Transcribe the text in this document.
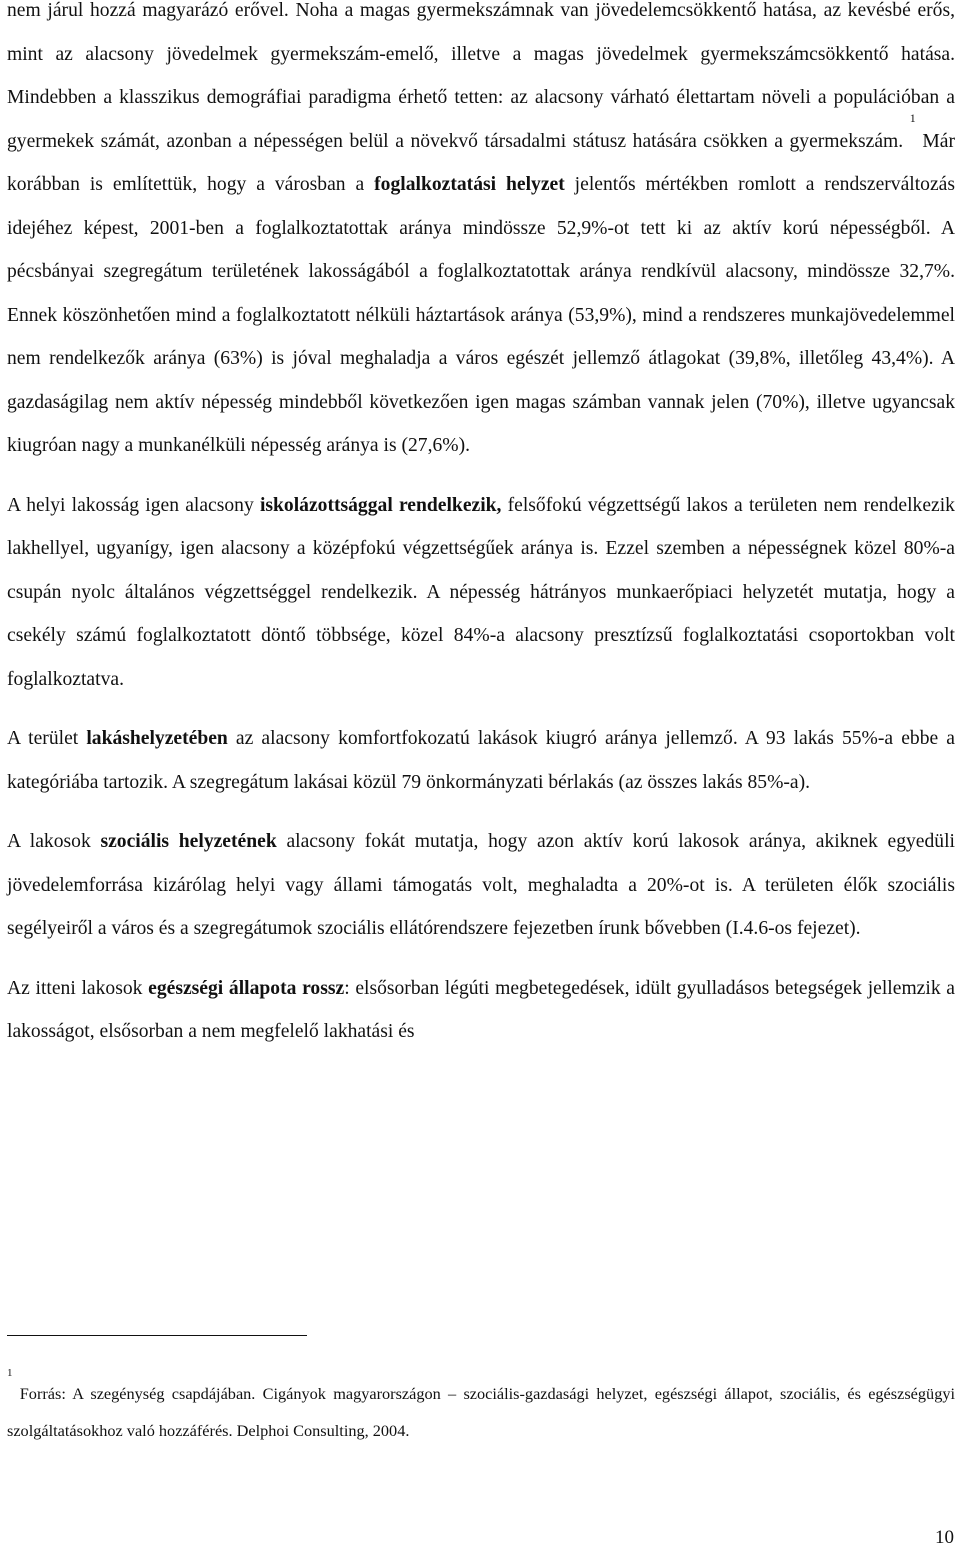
nem járul hozzá magyarázó erővel. Noha a magas gyermekszámnak van jövedelemcsökkentő hatása, az kevésbé erős, mint az alacsony jövedelmek gyermekszám-emelő, illetve a magas jövedelmek gyermekszámcsökkentő hatása. Mindebben a klasszikus demográfiai paradigma érhető tetten: az alacsony várható élettartam növeli a populációban a gyermekek számát, azonban a népességen belül a növekvő társadalmi státusz hatására csökken a gyermekszám. $^1$ Már korábban is említettük, hogy a városban a foglalkoztatási helyzet jelentős mértékben romlott a rendszerváltozás idejéhez képest, 2001-ben a foglalkoztatottak aránya mindössze 52,9%-ot tett ki az aktív korú népességből. A pécsbányai szegregátum területének lakosságából a foglalkoztatottak aránya rendkívül alacsony, mindössze 32,7%. Ennek köszönhetően mind a foglalkoztatott nélküli háztartások aránya (53,9%), mind a rendszeres munkajövedelemmel nem rendelkezők aránya (63%) is jóval meghaladja a város egészét jellemző átlagokat (39,8%, illetőleg 43,4%). A gazdaságilag nem aktív népesség mindebből következően igen magas számban vannak jelen (70%), illetve ugyancsak kiugróan nagy a munkanélküli népesség aránya is (27,6%).

A helyi lakosság igen alacsony iskolázottsággal rendelkezik, felsőfokú végzettségű lakos a területen nem rendelkezik lakhellyel, ugyanígy, igen alacsony a középfokú végzettségűek aránya is. Ezzel szemben a népességnek közel 80%-a csupán nyolc általános végzettséggel rendelkezik. A népesség hátrányos munkaerőpiaci helyzetét mutatja, hogy a csekély számú foglalkoztatott döntő többsége, közel 84%-a alacsony presztízsű foglalkoztatási csoportokban volt foglalkoztatva.

A terület lakáshelyzetében az alacsony komfortfokozatú lakások kiugró aránya jellemző. A 93 lakás 55%-a ebbe a kategóriába tartozik. A szegregátum lakásai közül 79 önkormányzati bérlakás (az összes lakás 85%-a).

A lakosok szociális helyzetének alacsony fokát mutatja, hogy azon aktív korú lakosok aránya, akiknek egyedüli jövedelemforrása kizárólag helyi vagy állami támogatás volt, meghaladta a 20%-ot is. A területen élők szociális segélyeiről a város és a szegregátumok szociális ellátórendszere fejezetben írunk bővebben (I.4.6-os fejezet).

Az itteni lakosok egészségi állapota rossz: elsősorban légúti megbetegedések, idült gyulladásos betegségek jellemzik a lakosságot, elsősorban a nem megfelelő lakhatási és

$^1$ Forrás: A szegénység csapdájában. Cigányok magyarországon – szociális-gazdasági helyzet, egészségi állapot, szociális, és egészségügyi szolgáltatásokhoz való hozzáférés. Delphoi Consulting, 2004.

10
